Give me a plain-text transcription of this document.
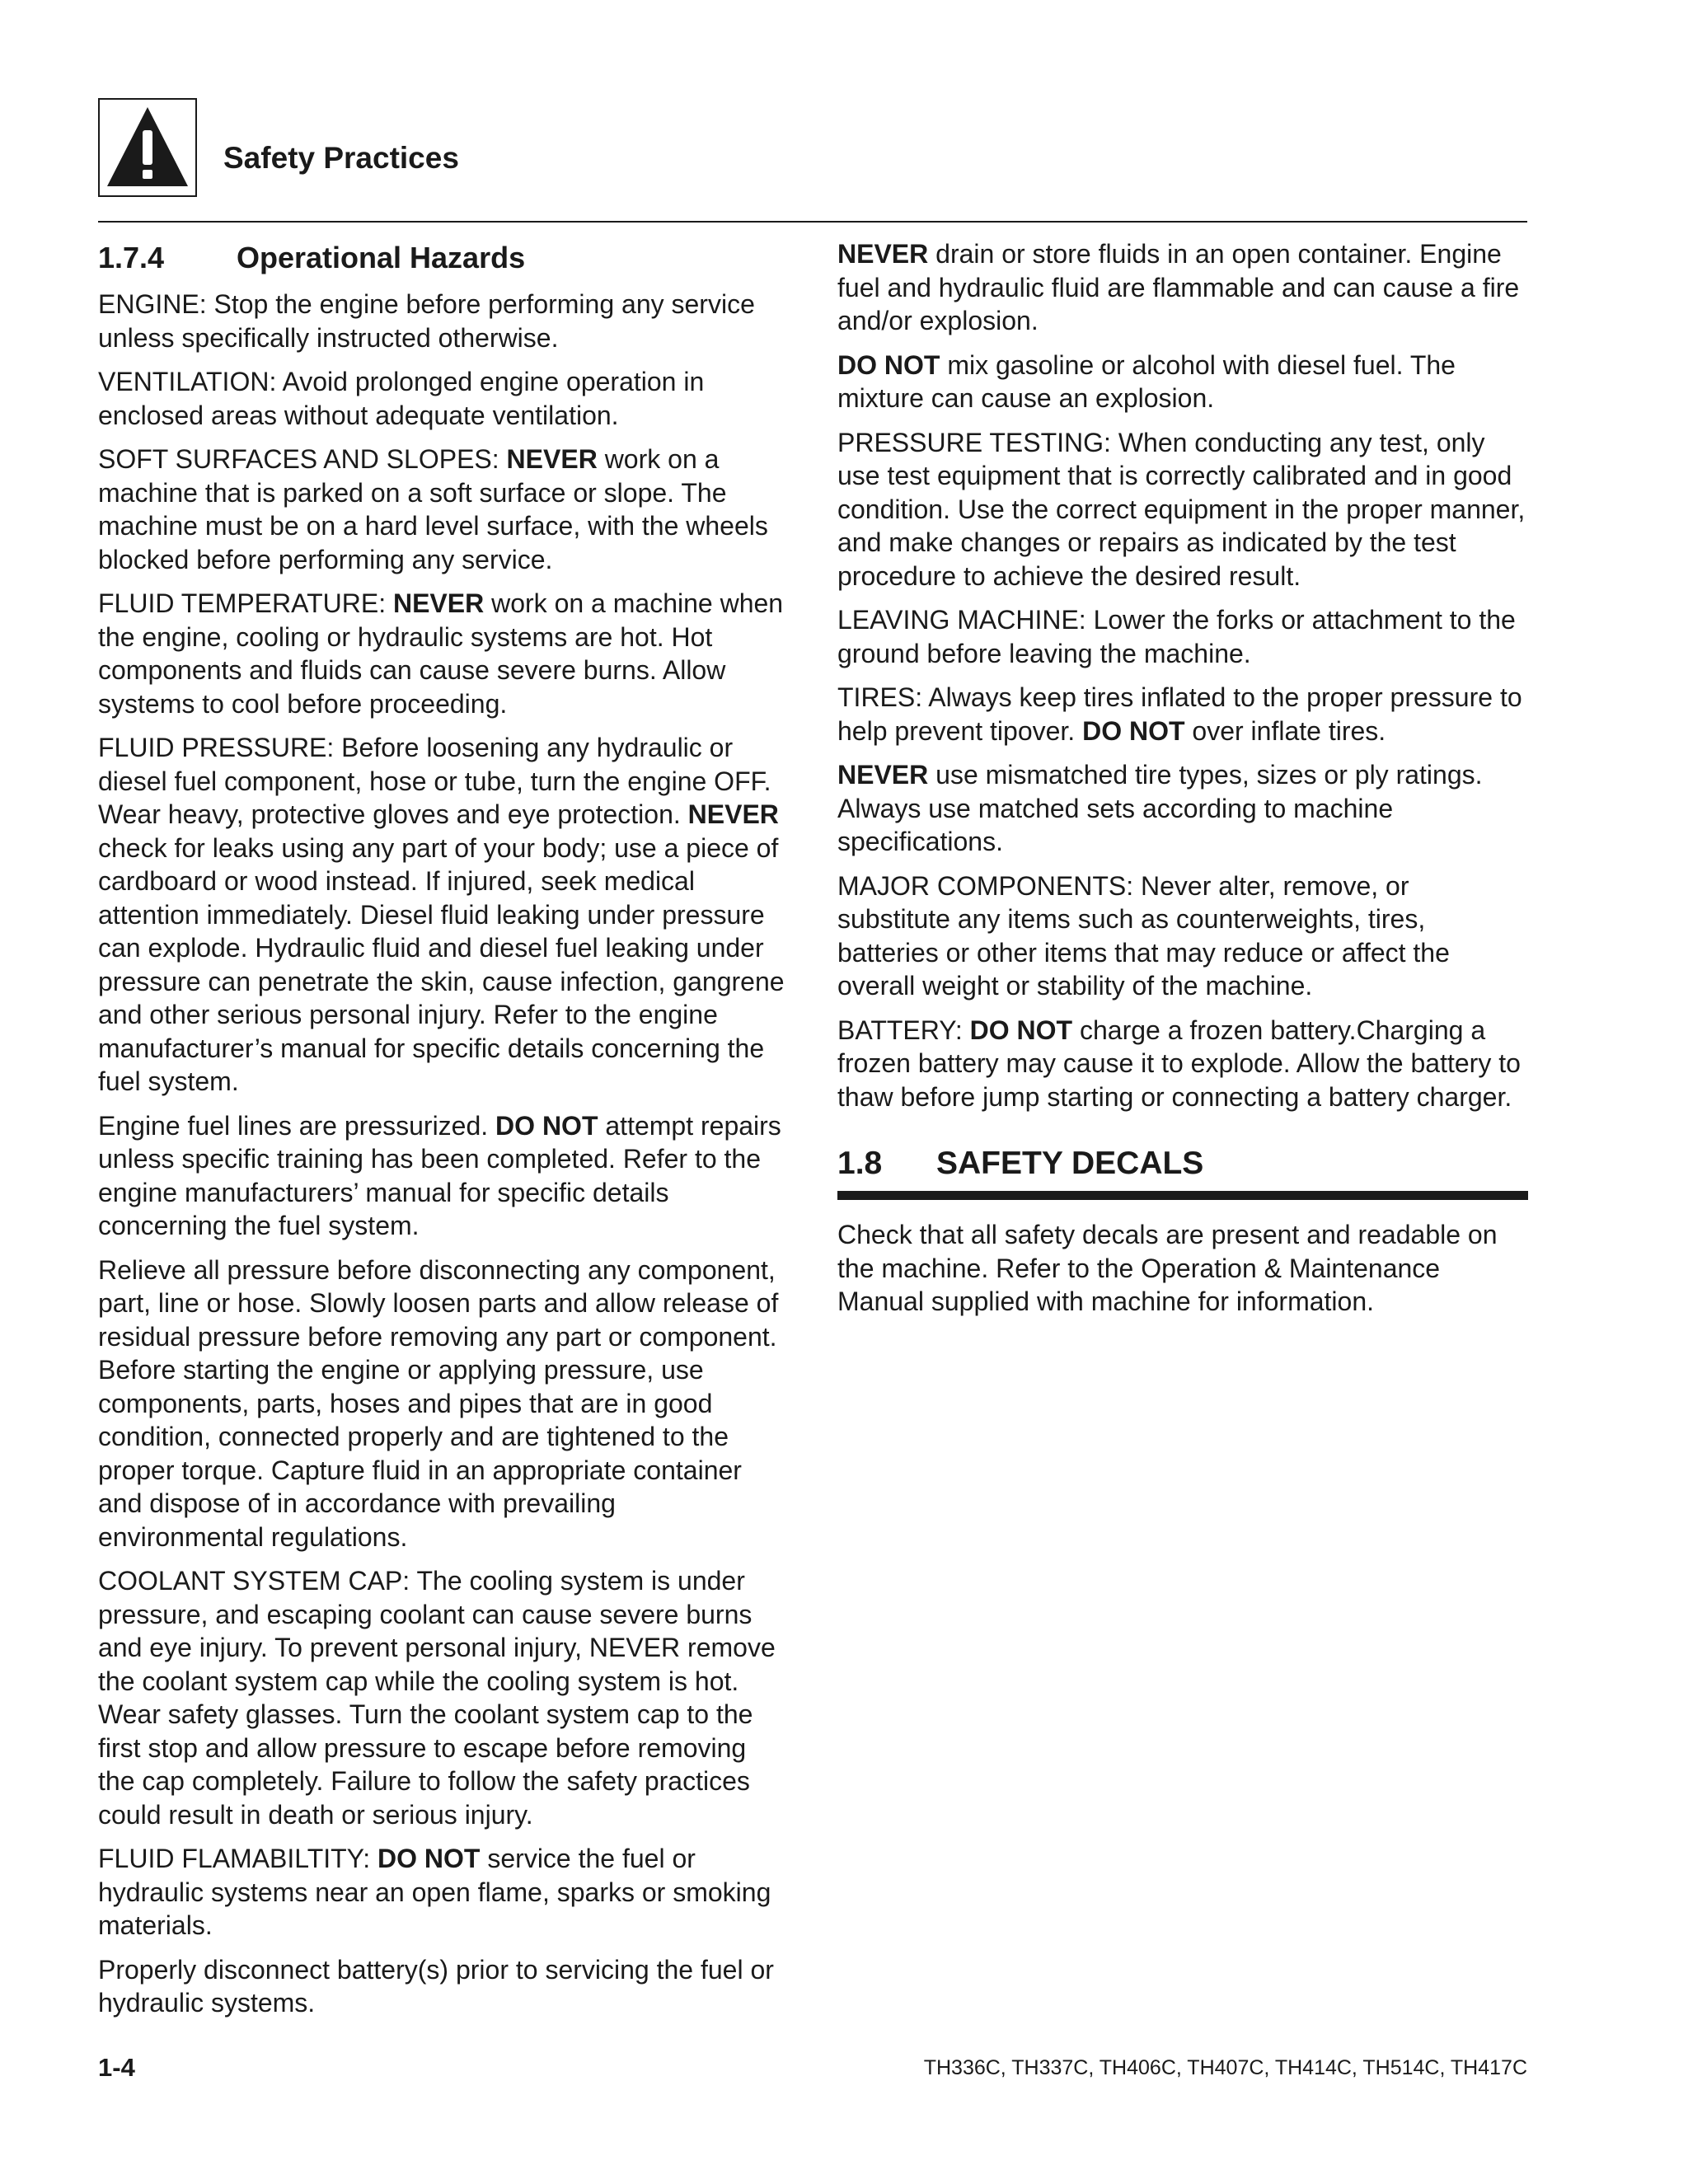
Safety Practices
1.7.4 Operational Hazards

ENGINE: Stop the engine before performing any service unless specifically instructed otherwise.

VENTILATION: Avoid prolonged engine operation in enclosed areas without adequate ventilation.

SOFT SURFACES AND SLOPES: NEVER work on a machine that is parked on a soft surface or slope. The machine must be on a hard level surface, with the wheels blocked before performing any service.

FLUID TEMPERATURE: NEVER work on a machine when the engine, cooling or hydraulic systems are hot. Hot components and fluids can cause severe burns. Allow systems to cool before proceeding.

FLUID PRESSURE: Before loosening any hydraulic or diesel fuel component, hose or tube, turn the engine OFF. Wear heavy, protective gloves and eye protection. NEVER check for leaks using any part of your body; use a piece of cardboard or wood instead. If injured, seek medical attention immediately. Diesel fluid leaking under pressure can explode. Hydraulic fluid and diesel fuel leaking under pressure can penetrate the skin, cause infection, gangrene and other serious personal injury. Refer to the engine manufacturer’s manual for specific details concerning the fuel system.

Engine fuel lines are pressurized. DO NOT attempt repairs unless specific training has been completed. Refer to the engine manufacturers’ manual for specific details concerning the fuel system.

Relieve all pressure before disconnecting any component, part, line or hose. Slowly loosen parts and allow release of residual pressure before removing any part or component. Before starting the engine or applying pressure, use components, parts, hoses and pipes that are in good condition, connected properly and are tightened to the proper torque. Capture fluid in an appropriate container and dispose of in accordance with prevailing environmental regulations.

COOLANT SYSTEM CAP: The cooling system is under pressure, and escaping coolant can cause severe burns and eye injury. To prevent personal injury, NEVER remove the coolant system cap while the cooling system is hot. Wear safety glasses. Turn the coolant system cap to the first stop and allow pressure to escape before removing the cap completely. Failure to follow the safety practices could result in death or serious injury.

FLUID FLAMABILTITY: DO NOT service the fuel or hydraulic systems near an open flame, sparks or smoking materials.

Properly disconnect battery(s) prior to servicing the fuel or hydraulic systems.

NEVER drain or store fluids in an open container. Engine fuel and hydraulic fluid are flammable and can cause a fire and/or explosion.

DO NOT mix gasoline or alcohol with diesel fuel. The mixture can cause an explosion.

PRESSURE TESTING: When conducting any test, only use test equipment that is correctly calibrated and in good condition. Use the correct equipment in the proper manner, and make changes or repairs as indicated by the test procedure to achieve the desired result.

LEAVING MACHINE: Lower the forks or attachment to the ground before leaving the machine.

TIRES: Always keep tires inflated to the proper pressure to help prevent tipover. DO NOT over inflate tires.

NEVER use mismatched tire types, sizes or ply ratings. Always use matched sets according to machine specifications.

MAJOR COMPONENTS: Never alter, remove, or substitute any items such as counterweights, tires, batteries or other items that may reduce or affect the overall weight or stability of the machine.

BATTERY: DO NOT charge a frozen battery.Charging a frozen battery may cause it to explode. Allow the battery to thaw before jump starting or connecting a battery charger.

1.8 SAFETY DECALS

Check that all safety decals are present and readable on the machine. Refer to the Operation & Maintenance Manual supplied with machine for information.

1-4	TH336C, TH337C, TH406C, TH407C, TH414C, TH514C, TH417C
